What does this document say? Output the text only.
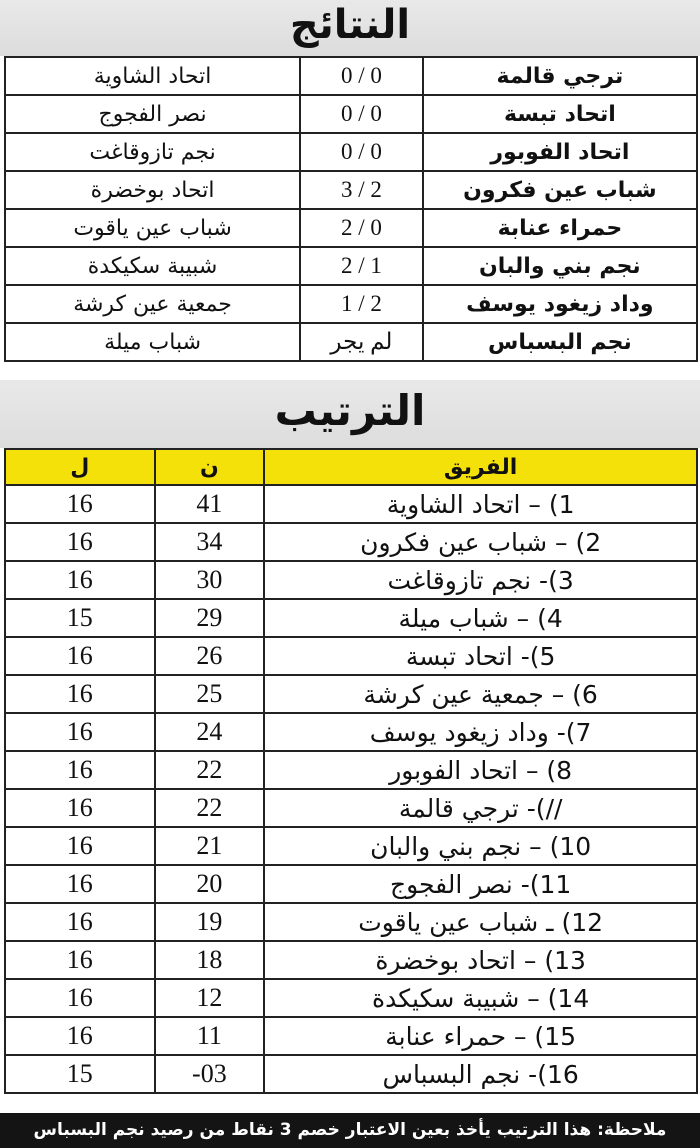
النتائج
اتحاد الشاوية	0 / 0	ترجي قالمة
نصر الفجوج	0 / 0	اتحاد تبسة
نجم تازوقاغت	0 / 0	اتحاد الفوبور
اتحاد بوخضرة	3 / 2	شباب عين فكرون
شباب عين ياقوت	2 / 0	حمراء عنابة
شبيبة سكيكدة	2 / 1	نجم بني والبان
جمعية عين كرشة	1 / 2	وداد زيغود يوسف
شباب ميلة	لم يجر	نجم البسباس
الترتيب
ل	ن	الفريق
16	41	1) – اتحاد الشاوية
16	34	2) – شباب عين فكرون
16	30	3)- نجم تازوقاغت
15	29	4) – شباب ميلة
16	26	5)- اتحاد تبسة
16	25	6) – جمعية عين كرشة
16	24	7)- وداد زيغود يوسف
16	22	8) – اتحاد الفوبور
16	22	//)- ترجي قالمة
16	21	10) – نجم بني والبان
16	20	11)- نصر الفجوج
16	19	12) ـ شباب عين ياقوت
16	18	13) – اتحاد بوخضرة
16	12	14) – شبيبة سكيكدة
16	11	15) – حمراء عنابة
15	-03	16)- نجم البسباس
ملاحظة: هذا الترتيب يأخذ بعين الاعتبار خصم 3 نقاط من رصيد نجم البسباس
